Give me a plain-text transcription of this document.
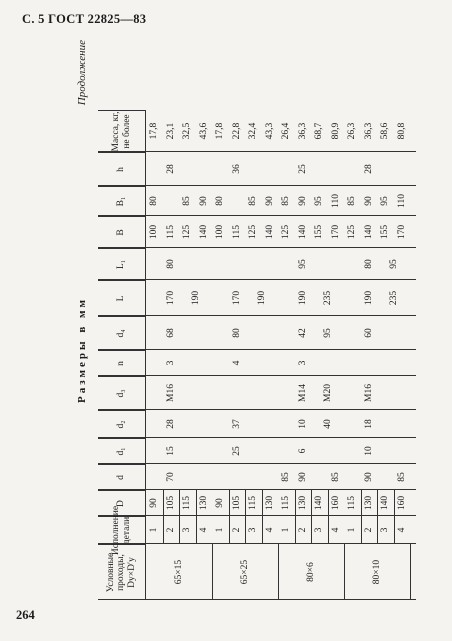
С. 5 ГОСТ 22825—83
264
Размеры в мм
Продолжение
Условные проходы, Dу×D′у
Исполнение детали
D
d
d₁
d₂
d₃
n
d₄
L
L₁
B
B₁
h
Масса, кг, не более
65×15
1
90
100
80
17,8
2
105
115
23,1
3
115
125
85
32,5
4
130
140
90
43,6
70
15
28
M16
3
68
170
80
28
190
65×25
1
90
100
80
17,8
2
105
115
22,8
3
115
125
85
32,4
4
130
140
90
43,3
25
37
4
80
170
36
190
80×6
1
115
85
125
85
26,4
2
130
90
140
90
36,3
3
140
155
95
68,7
4
160
85
170
110
80,9
6
10
M14
3
42
190
95
25
235
40
M20
95
80×10
1
115
125
85
26,3
2
130
90
140
90
36,3
3
140
155
95
58,6
4
160
85
170
110
80,8
10
18
M16
60
190
80
28
235
95
